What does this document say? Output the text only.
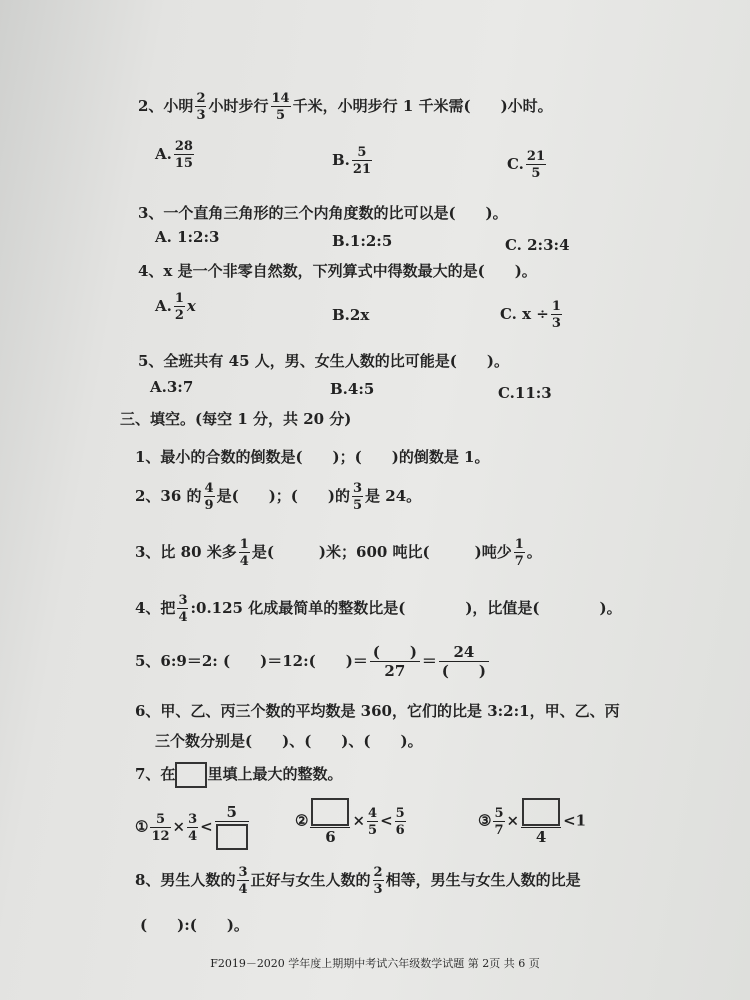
2、小明 $\frac{2}{3}$ 小时步行 $\frac{14}{5}$ 千米，小明步行 1 千米需(　　)小时。
A. $\frac{28}{15}$	B. $\frac{5}{21}$	C. $\frac{21}{5}$
3、一个直角三角形的三个内角度数的比可以是(　　)。
A. 1:2:3	B.1:2:5	C. 2:3:4
4、x 是一个非零自然数，下列算式中得数最大的是(　　)。
A. $\frac{1}{2}$ x	B.2x	C. $x \div \frac{1}{3}$
5、全班共有 45 人，男、女生人数的比可能是(　　)。
A.3:7	B.4:5	C.11:3
三、填空。(每空 1 分，共 20 分)
1、最小的合数的倒数是(　　)；(　　)的倒数是 1。
2、36 的 $\frac{4}{9}$ 是(　　)；(　　)的 $\frac{3}{5}$ 是 24。
3、比 80 米多 $\frac{1}{4}$ 是(　　　)米；600 吨比(　　　)吨少 $\frac{1}{7}$ 。
4、把 $\frac{3}{4}$ :0.125 化成最简单的整数比是(　　　　)，比值是(　　　　)。
5、6:9＝2: (　　)＝12:(　　)＝ $\frac{( )}{27} = \frac{24}{( )}$
6、甲、乙、丙三个数的平均数是 360，它们的比是 3:2:1，甲、乙、丙
三个数分别是(　　)、(　　)、(　　)。
7、在 里填上最大的整数。
① $\frac{5}{12} \times \frac{3}{4}$ <
5	②
6
× $\frac{4}{5} < \frac{5}{6}$	③ $\frac{5}{7}$ ×
4
<1
8、男生人数的 $\frac{3}{4}$ 正好与女生人数的 $\frac{2}{3}$ 相等，男生与女生人数的比是
(　　):(　　)。
F2019－2020 学年度上期期中考试六年级数学试题 第 2页 共 6 页
